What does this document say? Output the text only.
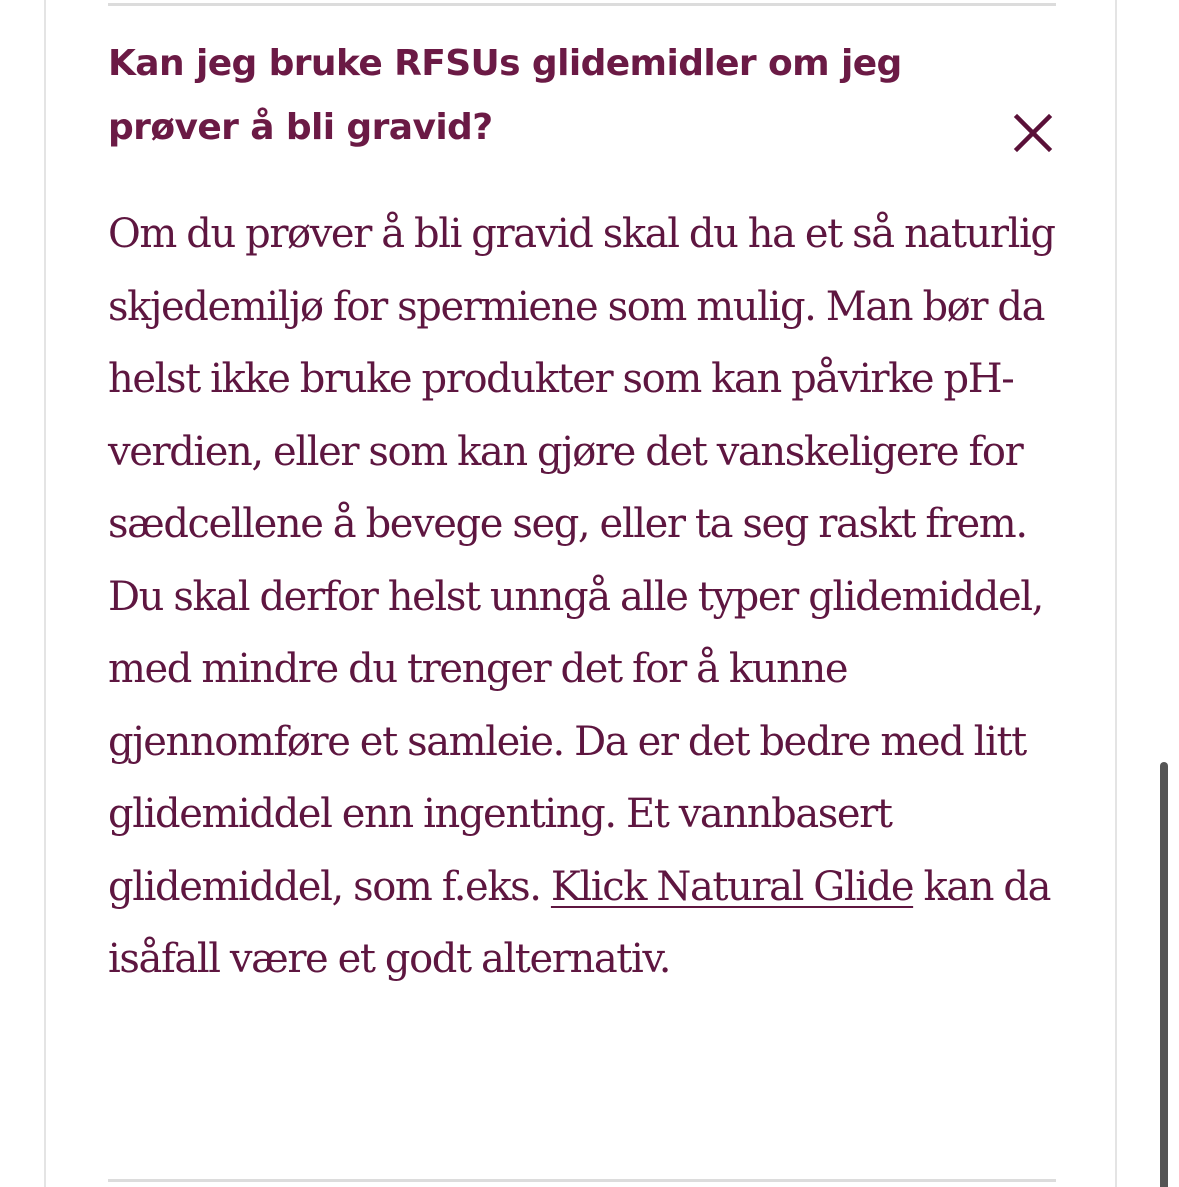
Kan jeg bruke RFSUs glidemidler om jeg prøver å bli gravid?

Om du prøver å bli gravid skal du ha et så naturlig skjedemiljø for spermiene som mulig. Man bør da helst ikke bruke produkter som kan påvirke pH-verdien, eller som kan gjøre det vanskeligere for sædcellene å bevege seg, eller ta seg raskt frem. Du skal derfor helst unngå alle typer glidemiddel, med mindre du trenger det for å kunne gjennomføre et samleie. Da er det bedre med litt glidemiddel enn ingenting. Et vannbasert glidemiddel, som f.eks. Klick Natural Glide kan da isåfall være et godt alternativ.
